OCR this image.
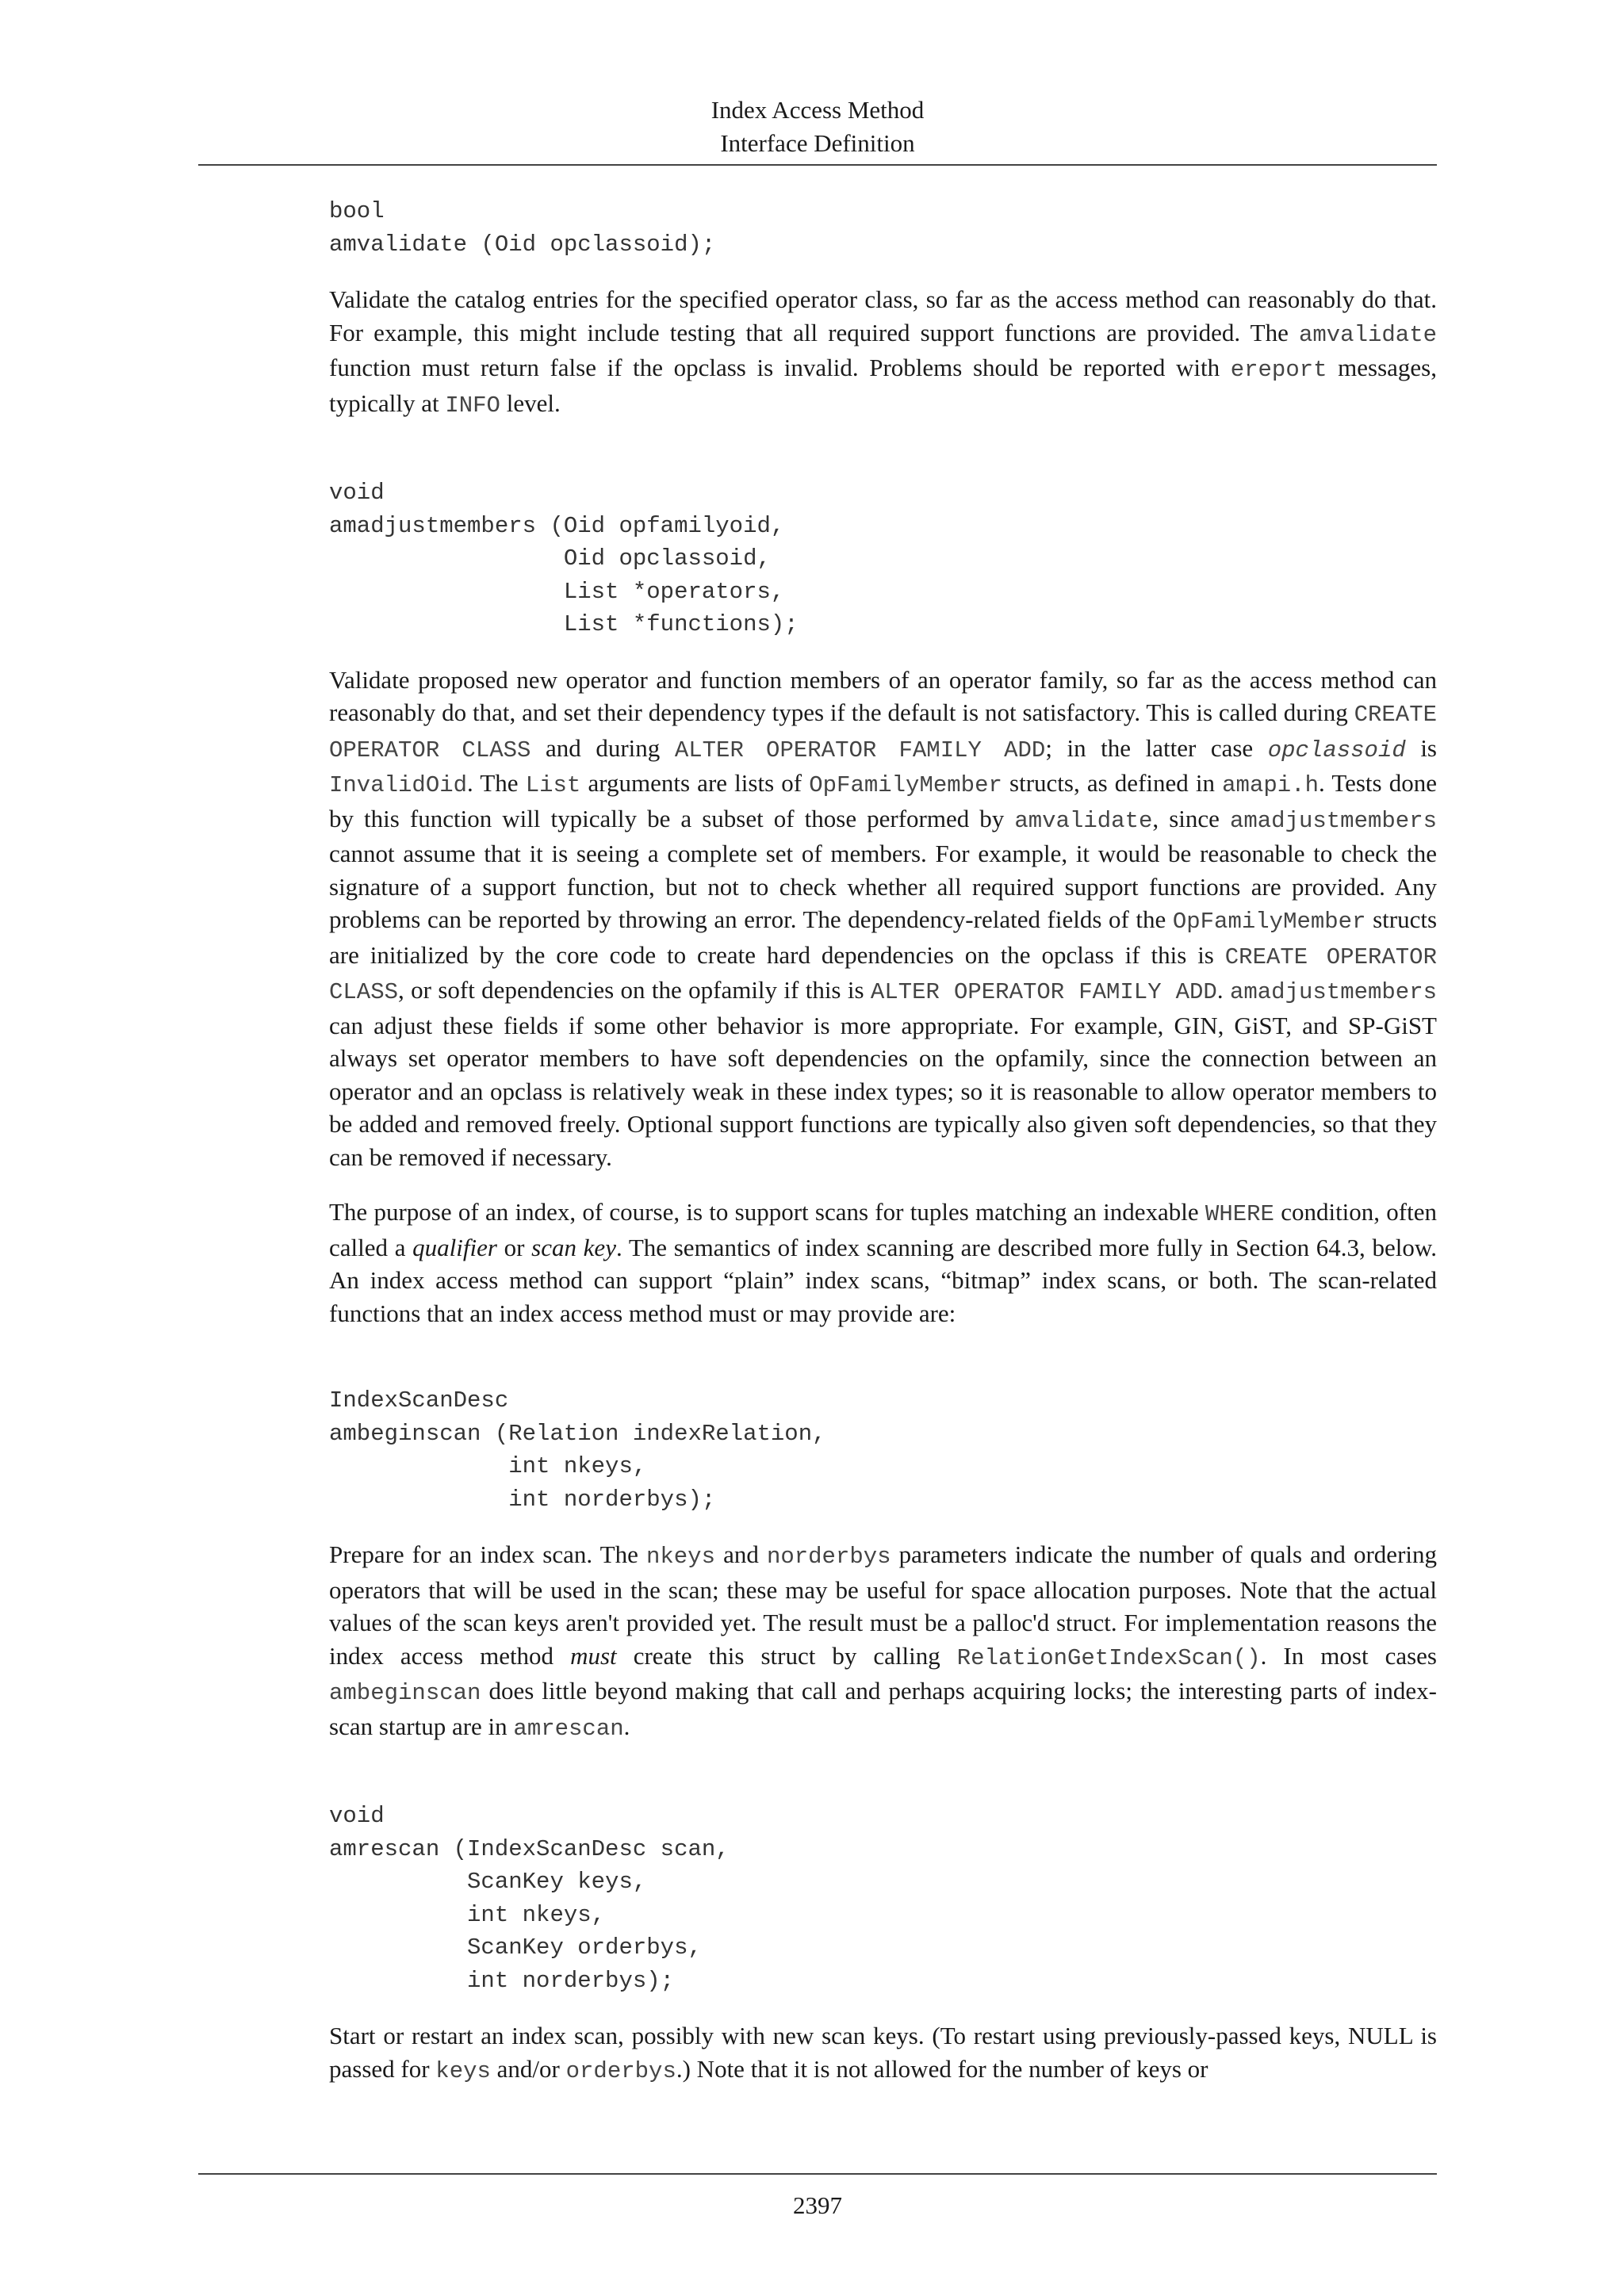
Index Access Method
Interface Definition
bool
amvalidate (Oid opclassoid);

Validate the catalog entries for the specified operator class, so far as the access method can reasonably do that. For example, this might include testing that all required support functions are provided. The amvalidate function must return false if the opclass is invalid. Problems should be reported with ereport messages, typically at INFO level.

void
amadjustmembers (Oid opfamilyoid,
Oid opclassoid,
List *operators,
List *functions);

Validate proposed new operator and function members of an operator family, so far as the access method can reasonably do that, and set their dependency types if the default is not satisfactory. This is called during CREATE OPERATOR CLASS and during ALTER OPERATOR FAMILY ADD; in the latter case opclassoid is InvalidOid. The List arguments are lists of OpFamilyMember structs, as defined in amapi.h. Tests done by this function will typically be a subset of those performed by amvalidate, since amadjustmembers cannot assume that it is seeing a complete set of members. For example, it would be reasonable to check the signature of a support function, but not to check whether all required support functions are provided. Any problems can be reported by throwing an error. The dependency-related fields of the OpFamilyMember structs are initialized by the core code to create hard dependencies on the opclass if this is CREATE OPERATOR CLASS, or soft dependencies on the opfamily if this is ALTER OPERATOR FAMILY ADD. amadjustmembers can adjust these fields if some other behavior is more appropriate. For example, GIN, GiST, and SP-GiST always set operator members to have soft dependencies on the opfamily, since the connection between an operator and an opclass is relatively weak in these index types; so it is reasonable to allow operator members to be added and removed freely. Optional support functions are typically also given soft dependencies, so that they can be removed if necessary.

The purpose of an index, of course, is to support scans for tuples matching an indexable WHERE condition, often called a qualifier or scan key. The semantics of index scanning are described more fully in Section 64.3, below. An index access method can support “plain” index scans, “bitmap” index scans, or both. The scan-related functions that an index access method must or may provide are:

IndexScanDesc
ambeginscan (Relation indexRelation,
int nkeys,
int norderbys);

Prepare for an index scan. The nkeys and norderbys parameters indicate the number of quals and ordering operators that will be used in the scan; these may be useful for space allocation purposes. Note that the actual values of the scan keys aren't provided yet. The result must be a palloc'd struct. For implementation reasons the index access method must create this struct by calling RelationGetIndexScan(). In most cases ambeginscan does little beyond making that call and perhaps acquiring locks; the interesting parts of index-scan startup are in amrescan.

void
amrescan (IndexScanDesc scan,
ScanKey keys,
int nkeys,
ScanKey orderbys,
int norderbys);

Start or restart an index scan, possibly with new scan keys. (To restart using previously-passed keys, NULL is passed for keys and/or orderbys.) Note that it is not allowed for the number of keys or

2397
